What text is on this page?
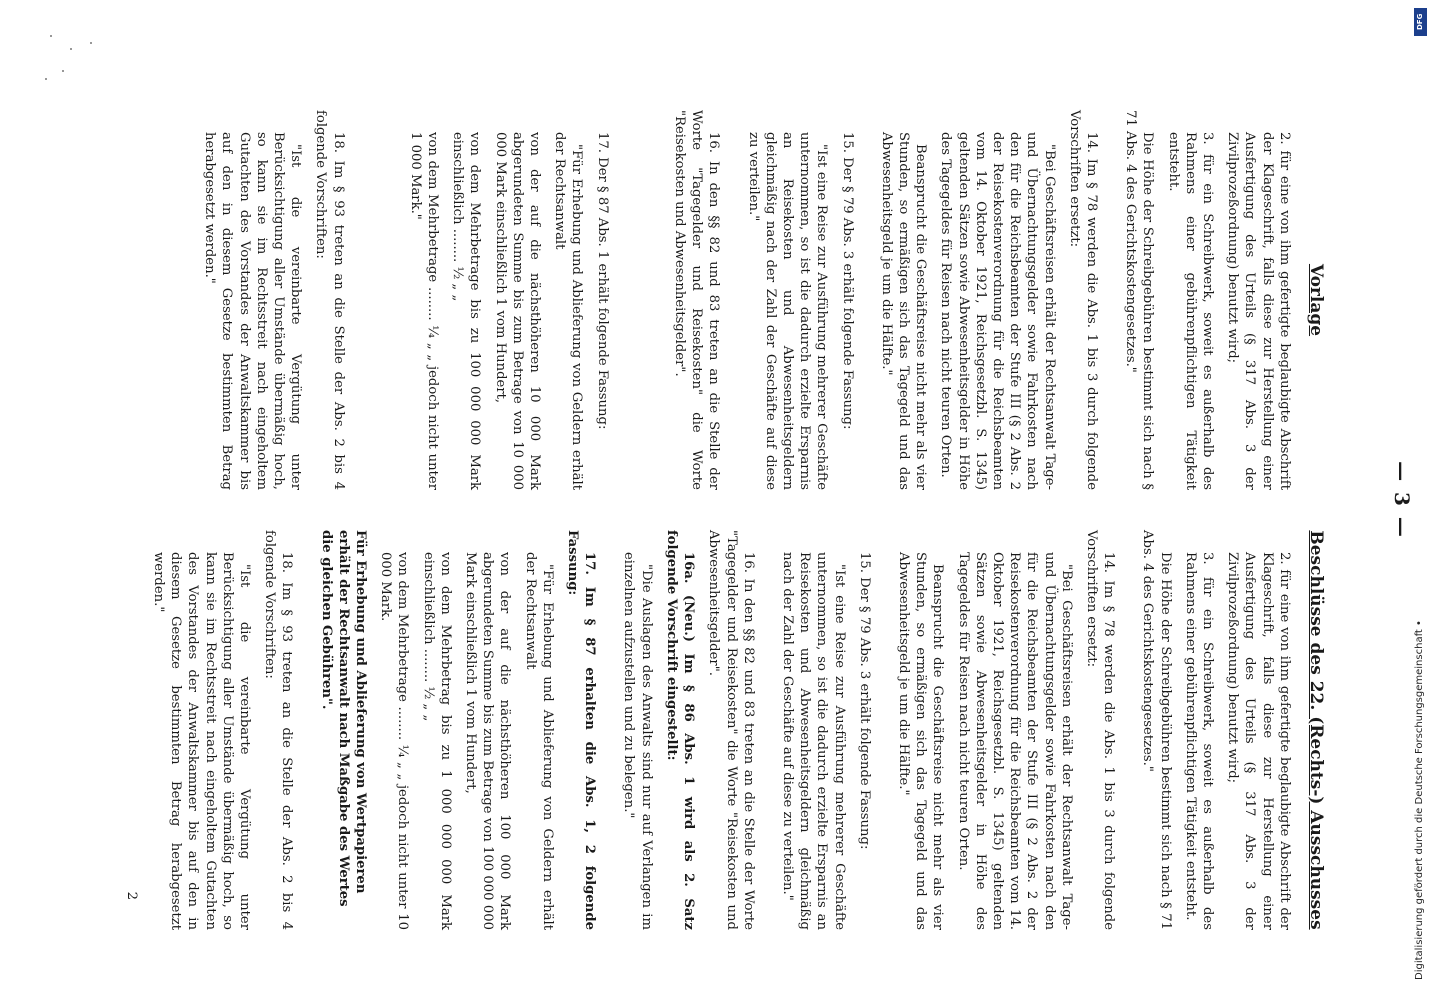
— 3 —
Vorlage

2. für eine von ihm gefertigte beglaubigte Abschrift der Klageschrift, falls diese zur Herstellung einer Ausfertigung des Urteils (§ 317 Abs. 3 der Zivilprozeßordnung) benutzt wird;

3. für ein Schreibwerk, soweit es außerhalb des Rahmens einer gebührenpflichtigen Tätigkeit entsteht.

Die Höhe der Schreibgebühren bestimmt sich nach § 71 Abs. 4 des Gerichtskostengesetzes."

14. Im § 78 werden die Abs. 1 bis 3 durch folgende Vorschriften ersetzt:

"Bei Geschäftsreisen erhält der Rechtsanwalt Tage- und Übernachtungsgelder sowie Fahrkosten nach den für die Reichsbeamten der Stufe III (§ 2 Abs. 2 der Reisekostenverordnung für die Reichsbeamten vom 14. Oktober 1921, Reichsgesetzbl. S. 1345) geltenden Sätzen sowie Abwesenheitsgelder in Höhe des Tagegeldes für Reisen nach nicht teuren Orten.

Beansprucht die Geschäftsreise nicht mehr als vier Stunden, so ermäßigen sich das Tagegeld und das Abwesenheitsgeld je um die Hälfte."

15. Der § 79 Abs. 3 erhält folgende Fassung:

"Ist eine Reise zur Ausführung mehrerer Geschäfte unternommen, so ist die dadurch erzielte Ersparnis an Reisekosten und Abwesenheitsgeldern gleichmäßig nach der Zahl der Geschäfte auf diese zu verteilen."

16. In den §§ 82 und 83 treten an die Stelle der Worte "Tagegelder und Reisekosten" die Worte "Reisekosten und Abwesenheitsgelder".

17. Der § 87 Abs. 1 erhält folgende Fassung:

"Für Erhebung und Ablieferung von Geldern erhält der Rechtsanwalt

von der auf die nächsthöheren 10 000 Mark abgerundeten Summe bis zum Betrage von 10 000 000 Mark einschließlich 1 vom Hundert,

von dem Mehrbetrage bis zu 100 000 000 Mark einschließlich ........ ½ „ „

von dem Mehrbetrage ........ ¼ „ „ jedoch nicht unter 1 000 Mark."

18. Im § 93 treten an die Stelle der Abs. 2 bis 4 folgende Vorschriften:

"Ist die vereinbarte Vergütung unter Berücksichtigung aller Umstände übermäßig hoch, so kann sie im Rechtsstreit nach eingeholtem Gutachten des Vorstandes der Anwaltskammer bis auf den in diesem Gesetze bestimmten Betrag herabgesetzt werden."

Beschlüsse des 22. (Rechts-) Ausschusses

2. für eine von ihm gefertigte beglaubigte Abschrift der Klageschrift, falls diese zur Herstellung einer Ausfertigung des Urteils (§ 317 Abs. 3 der Zivilprozeßordnung) benutzt wird;

3. für ein Schreibwerk, soweit es außerhalb des Rahmens einer gebührenpflichtigen Tätigkeit entsteht.

Die Höhe der Schreibgebühren bestimmt sich nach § 71 Abs. 4 des Gerichtskostengesetzes."

14. Im § 78 werden die Abs. 1 bis 3 durch folgende Vorschriften ersetzt:

"Bei Geschäftsreisen erhält der Rechtsanwalt Tage- und Übernachtungsgelder sowie Fahrkosten nach den für die Reichsbeamten der Stufe III (§ 2 Abs. 2 der Reisekostenverordnung für die Reichsbeamten vom 14. Oktober 1921, Reichsgesetzbl. S. 1345) geltenden Sätzen sowie Abwesenheitsgelder in Höhe des Tagegeldes für Reisen nach nicht teuren Orten.

Beansprucht die Geschäftsreise nicht mehr als vier Stunden, so ermäßigen sich das Tagegeld und das Abwesenheitsgeld je um die Hälfte."

15. Der § 79 Abs. 3 erhält folgende Fassung:

"Ist eine Reise zur Ausführung mehrerer Geschäfte unternommen, so ist die dadurch erzielte Ersparnis an Reisekosten und Abwesenheitsgeldern gleichmäßig nach der Zahl der Geschäfte auf diese zu verteilen."

16. In den §§ 82 und 83 treten an die Stelle der Worte "Tagegelder und Reisekosten" die Worte "Reisekosten und Abwesenheitsgelder".

16a. (Neu.) Im § 86 Abs. 1 wird als 2. Satz folgende Vorschrift eingestellt:

"Die Auslagen des Anwalts sind nur auf Verlangen im einzelnen aufzustellen und zu belegen."

17. Im § 87 erhalten die Abs. 1, 2 folgende Fassung:

"Für Erhebung und Ablieferung von Geldern erhält der Rechtsanwalt

von der auf die nächsthöheren 100 000 Mark abgerundeten Summe bis zum Betrage von 100 000 000 Mark einschließlich 1 vom Hundert,

von dem Mehrbetrag bis zu 1 000 000 000 Mark einschließlich ........ ½ „ „

von dem Mehrbetrage ........ ¼ „ „ jedoch nicht unter 10 000 Mark.

Für Erhebung und Ablieferung von Wertpapieren erhält der Rechtsanwalt nach Maßgabe des Wertes die gleichen Gebühren".

18. Im § 93 treten an die Stelle der Abs. 2 bis 4 folgende Vorschriften:

"Ist die vereinbarte Vergütung unter Berücksichtigung aller Umstände übermäßig hoch, so kann sie im Rechtsstreit nach eingeholtem Gutachten des Vorstandes der Anwaltskammer bis auf den in diesem Gesetze bestimmten Betrag herabgesetzt werden."

2
DFG
Digitalisierung gefördert durch die Deutsche Forschungsgemeinschaft •
